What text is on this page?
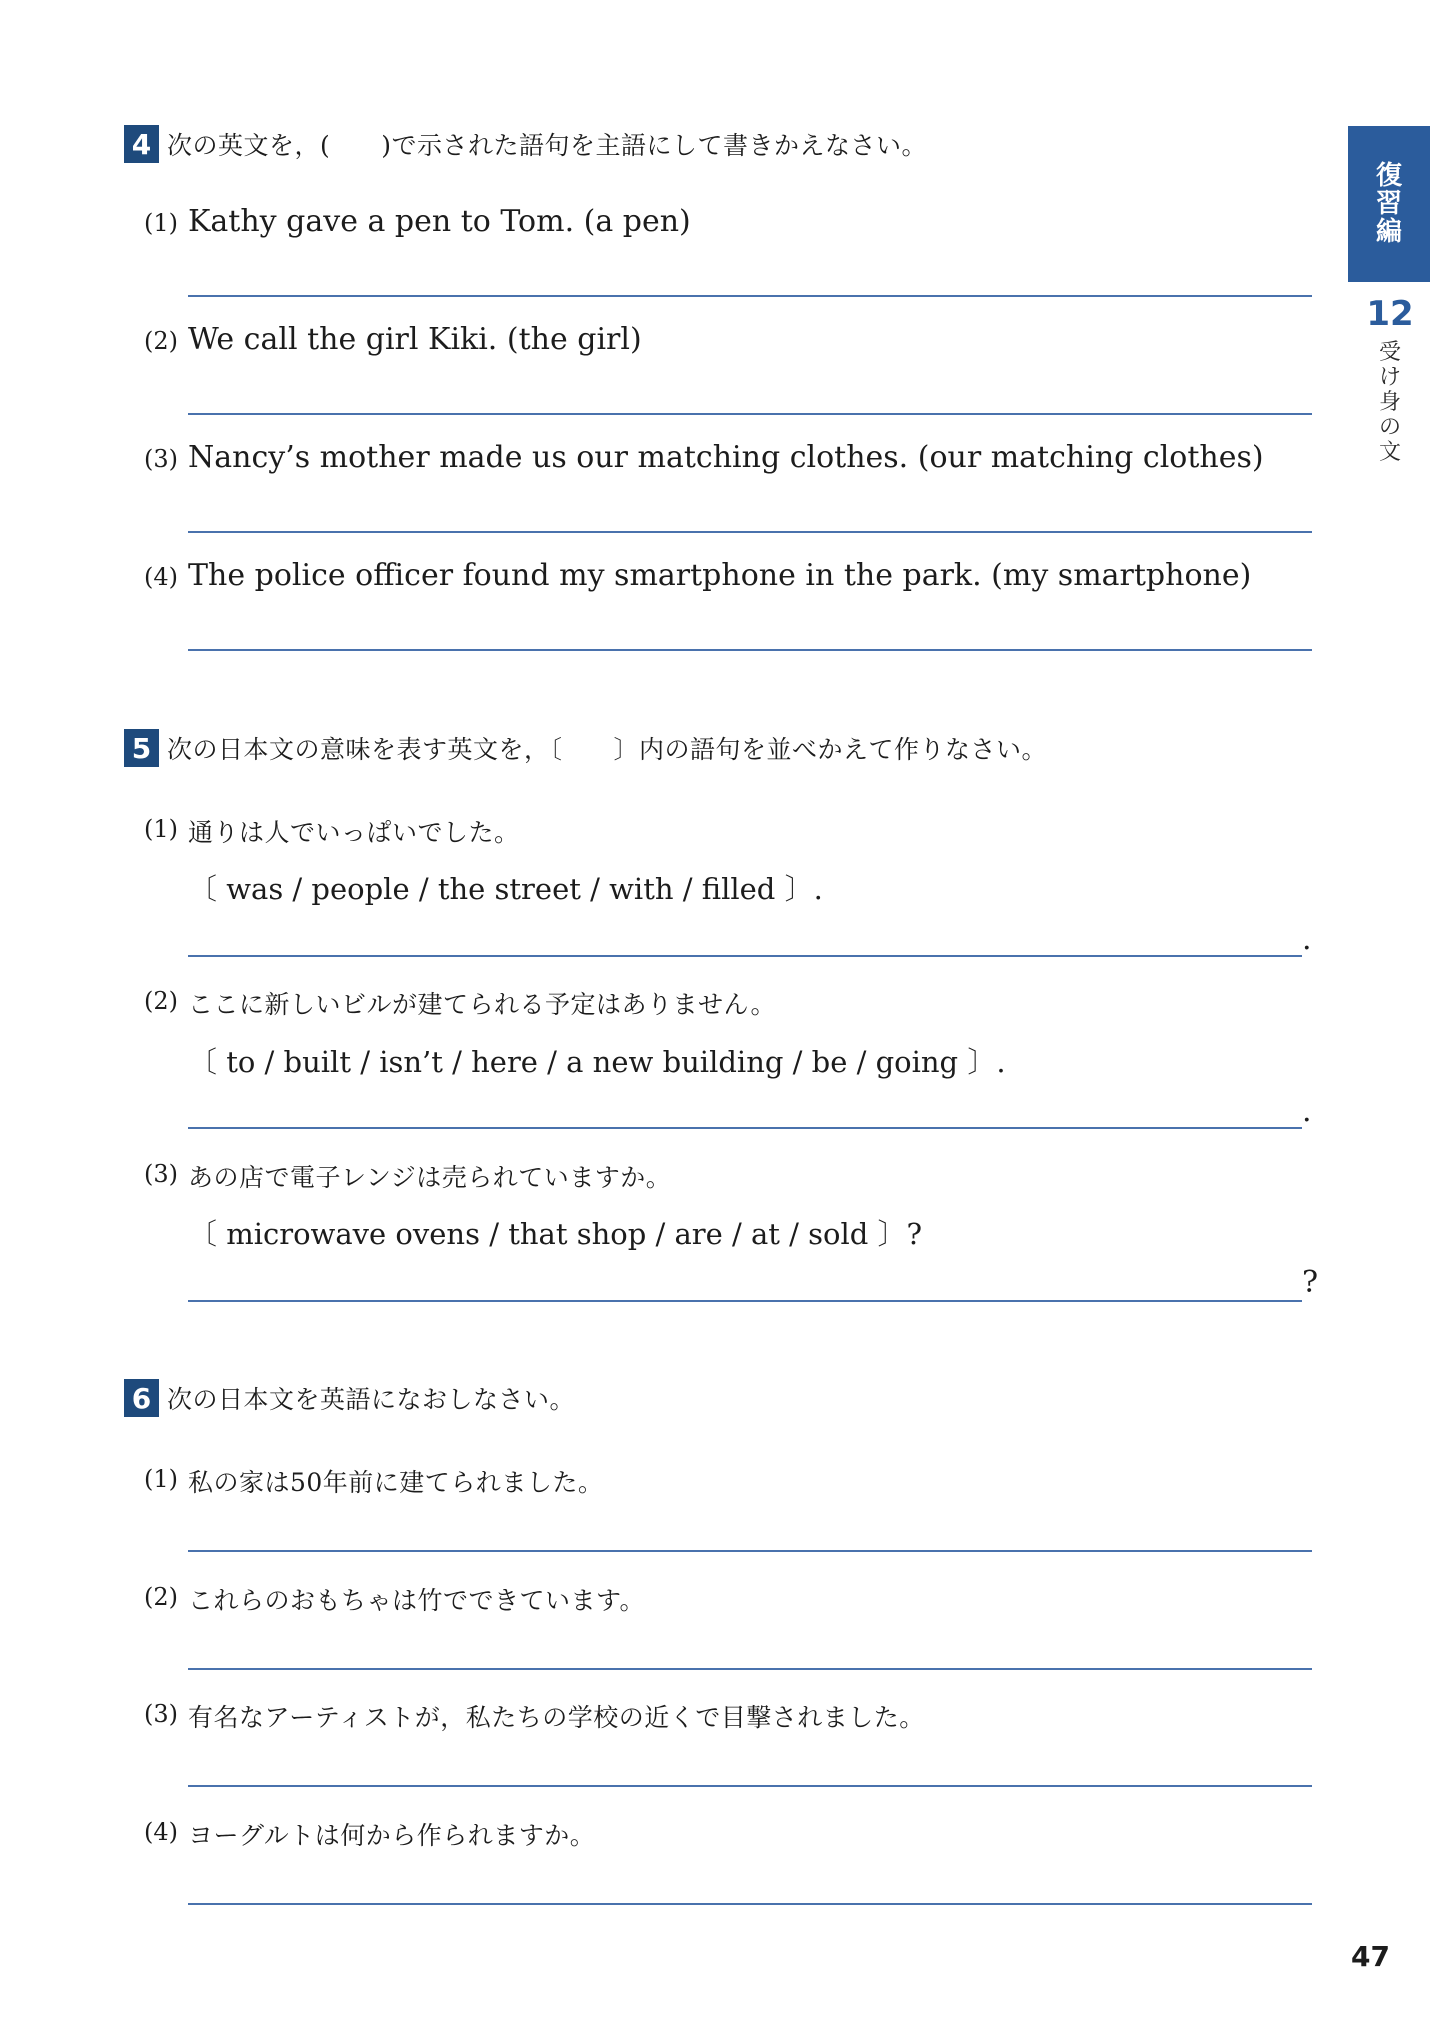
復
習
編
12
受
け
身
の
文
4 次の英文を，(　　)で示された語句を主語にして書きかえなさい。
(1) Kathy gave a pen to Tom. (a pen)
(2) We call the girl Kiki. (the girl)
(3) Nancy’s mother made us our matching clothes. (our matching clothes)
(4) The police officer found my smartphone in the park. (my smartphone)
5 次の日本文の意味を表す英文を，〔　　〕内の語句を並べかえて作りなさい。
(1) 通りは人でいっぱいでした。
〔 was / people / the street / with / filled 〕.
.
(2) ここに新しいビルが建てられる予定はありません。
〔 to / built / isn’t / here / a new building / be / going 〕.
.
(3) あの店で電子レンジは売られていますか。
〔 microwave ovens / that shop / are / at / sold 〕?
?
6 次の日本文を英語になおしなさい。
(1) 私の家は50年前に建てられました。
(2) これらのおもちゃは竹でできています。
(3) 有名なアーティストが，私たちの学校の近くで目撃されました。
(4) ヨーグルトは何から作られますか。
47
